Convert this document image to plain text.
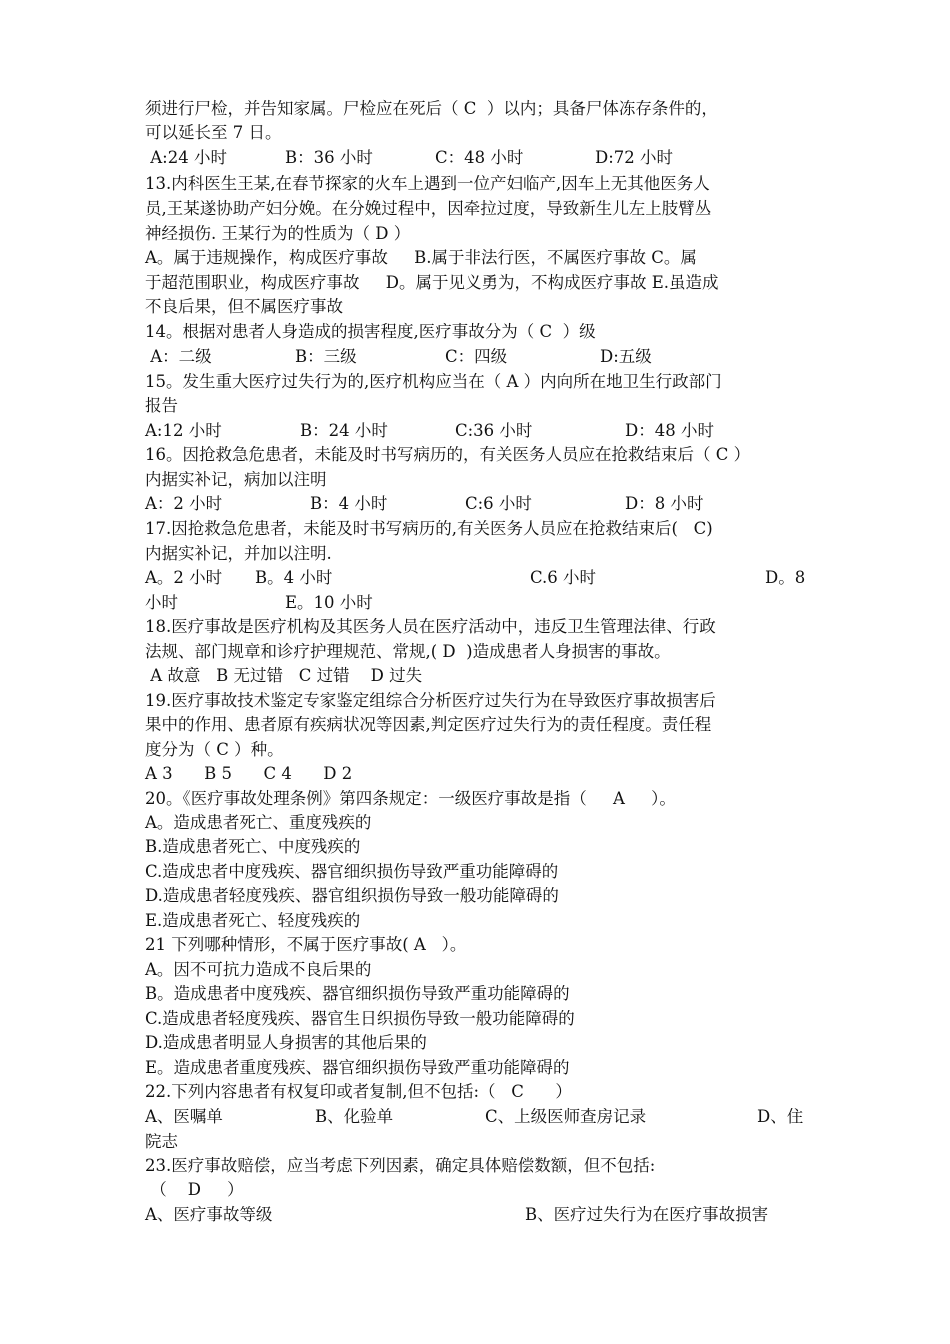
须进行尸检，并告知家属。尸检应在死后（ C  ）以内；具备尸体冻存条件的，
可以延长至 7 日。
A:24 小时	B：36 小时	C：48 小时	D:72 小时
13.内科医生王某,在春节探家的火车上遇到一位产妇临产,因车上无其他医务人
员,王某遂协助产妇分娩。在分娩过程中，因牵拉过度，导致新生儿左上肢臂丛
神经损伤. 王某行为的性质为（ D ）
A。属于违规操作，构成医疗事故     B.属于非法行医，不属医疗事故 C。属
于超范围职业，构成医疗事故     D。属于见义勇为，不构成医疗事故 E.虽造成
不良后果，但不属医疗事故
14。根据对患者人身造成的损害程度,医疗事故分为（ C  ）级
A：二级	B：三级	C：四级	D:五级
15。发生重大医疗过失行为的,医疗机构应当在（ A ）内向所在地卫生行政部门
报告
A:12 小时	B：24 小时	C:36 小时	D：48 小时
16。因抢救急危患者，未能及时书写病历的，有关医务人员应在抢救结束后（ C ）
内据实补记，病加以注明
A：2 小时	B：4 小时	C:6 小时	D：8 小时
17.因抢救急危患者，未能及时书写病历的,有关医务人员应在抢救结束后(   C)
内据实补记，并加以注明.
A。2 小时 B。4 小时	C.6 小时	D。8
小时	E。10 小时
18.医疗事故是医疗机构及其医务人员在医疗活动中，违反卫生管理法律、行政
法规、部门规章和诊疗护理规范、常规,( D  )造成患者人身损害的事故。
A 故意   B 无过错   C 过错    D 过失
19.医疗事故技术鉴定专家鉴定组综合分析医疗过失行为在导致医疗事故损害后
果中的作用、患者原有疾病状况等因素,判定医疗过失行为的责任程度。责任程
度分为（ C ）种。
A 3      B 5      C 4      D 2
20。《医疗事故处理条例》第四条规定：一级医疗事故是指（     A     ）。
A。造成患者死亡、重度残疾的
B.造成患者死亡、中度残疾的
C.造成忠者中度残疾、器官细织损伤导致严重功能障碍的
D.造成患者轻度残疾、器官组织损伤导致一般功能障碍的
E.造成患者死亡、轻度残疾的
21 下列哪种情形，不属于医疗事故( A   ）。
A。因不可抗力造成不良后果的
B。造成患者中度残疾、器官细织损伤导致严重功能障碍的
C.造成患者轻度残疾、器官生日织损伤导致一般功能障碍的
D.造成患者明显人身损害的其他后果的
E。造成患者重度残疾、器官细织损伤导致严重功能障碍的
22.下列内容患者有权复印或者复制,但不包括:（   C      ）
A、医嘱单	B、化验单	C、上级医师查房记录	D、住
院志
23.医疗事故赔偿，应当考虑下列因素，确定具体赔偿数额，但不包括:
（    D     ）
A、医疗事故等级	B、医疗过失行为在医疗事故损害
